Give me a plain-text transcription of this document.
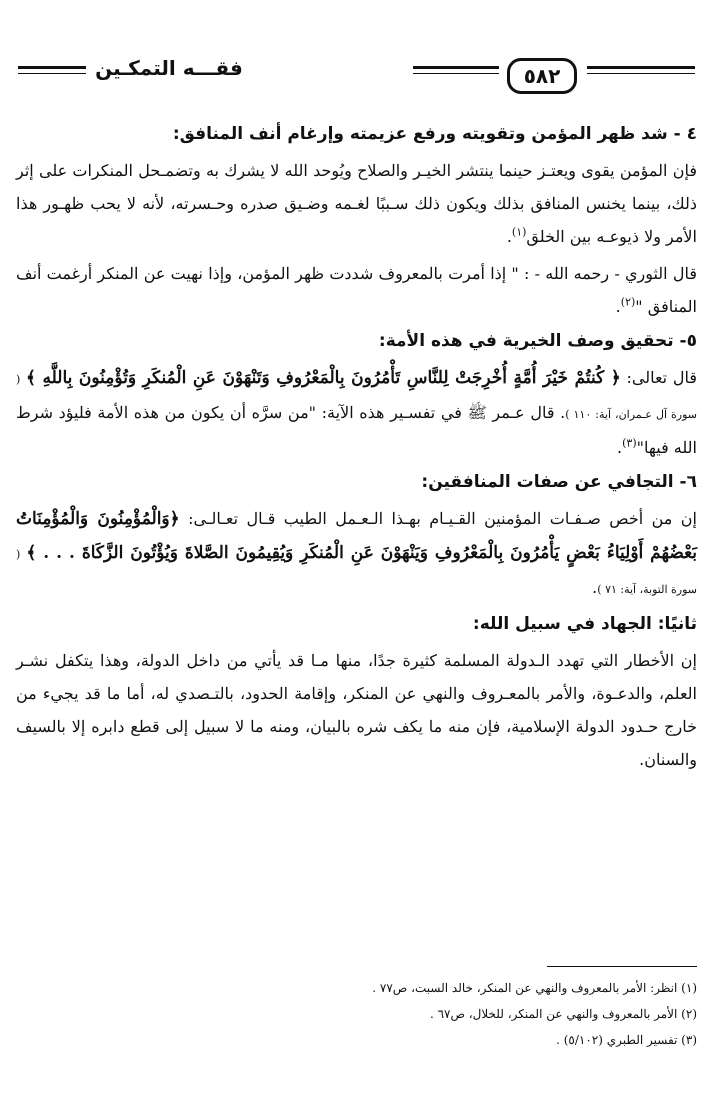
٥٨٢
فقـــه التمكـين
٤ - شد ظهر المؤمن وتقويته ورفع عزيمته وإرغام أنف المنافق:

فإن المؤمن يقوى ويعتـز حينما ينتشر الخيـر والصلاح ويُوحد الله لا يشرك به وتضمـحل المنكرات على إثر ذلك، بينما يخنس المنافق بذلك ويكون ذلك سـببًا لغـمه وضـيق صدره وحـسرته، لأنه لا يحب ظهـور هذا الأمر ولا ذيوعـه بين الخلق$^{(١)}$.

قال الثوري - رحمه الله - : " إذا أمرت بالمعروف شددت ظهر المؤمن، وإذا نهيت عن المنكر أرغمت أنف المنافق "$^{(٢)}$.

٥- تحقيق وصف الخيرية في هذه الأمة:

قال تعالى: ﴿ كُنتُمْ خَيْرَ أُمَّةٍ أُخْرِجَتْ لِلنَّاسِ تَأْمُرُونَ بِالْمَعْرُوفِ وَتَنْهَوْنَ عَنِ الْمُنكَرِ وَتُؤْمِنُونَ بِاللَّهِ ﴾ ( سورة آل عـمران، آية: ١١٠ ). قال عـمر ﷺ في تفسـير هذه الآية: "من سرَّه أن يكون من هذه الأمة فليؤد شرط الله فيها"$^{(٣)}$.

٦- التجافي عن صفات المنافقين:

إن من أخص صـفـات المؤمنين القـيـام بهـذا الـعـمل الطيب قـال تعـالـى: ﴿وَالْمُؤْمِنُونَ وَالْمُؤْمِنَاتُ بَعْضُهُمْ أَوْلِيَاءُ بَعْضٍ يَأْمُرُونَ بِالْمَعْرُوفِ وَيَنْهَوْنَ عَنِ الْمُنكَرِ وَيُقِيمُونَ الصَّلاةَ وَيُؤْتُونَ الزَّكَاةَ . . . ﴾ ( سورة التوبة، آية: ٧١ ).

ثانيًا: الجهاد في سبيل الله:

إن الأخطار التي تهدد الـدولة المسلمة كثيرة جدًا، منها مـا قد يأتي من داخل الدولة، وهذا يتكفل نشـر العلم، والدعـوة، والأمر بالمعـروف والنهي عن المنكر، وإقامة الحدود، بالتـصدي له، أما ما قد يجيء من خارج حـدود الدولة الإسلامية، فإن منه ما يكف شره بالبيان، ومنه ما لا سبيل إلى قطع دابره إلا بالسيف والسنان.

(١) انظر: الأمر بالمعروف والنهي عن المنكر، خالد السبت، ص٧٧ .

(٢) الأمر بالمعروف والنهي عن المنكر، للخلال، ص٦٧ .

(٣) تفسير الطبري (٥/١٠٢) .
